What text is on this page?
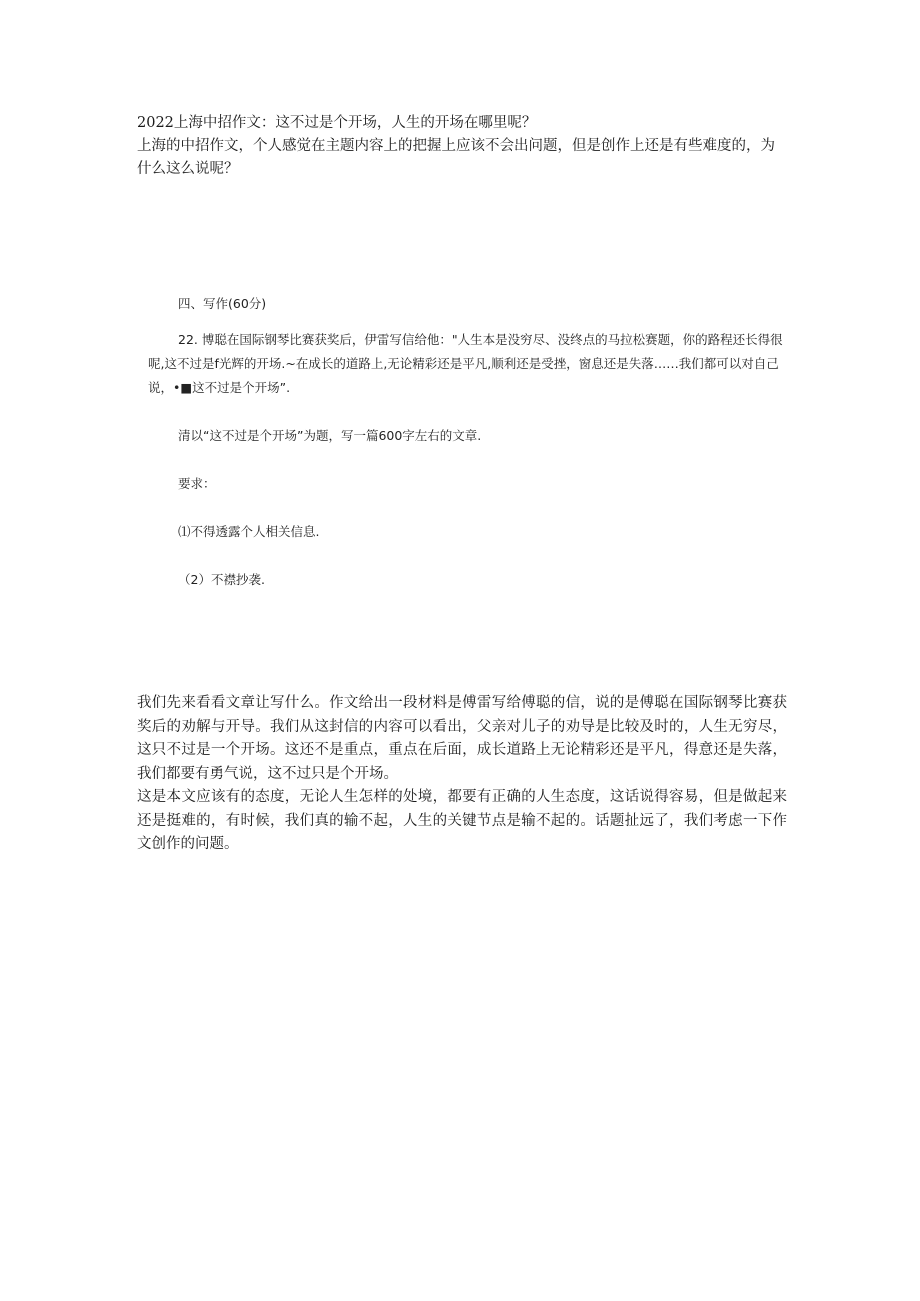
2022上海中招作文：这不过是个开场，人生的开场在哪里呢？

上海的中招作文，个人感觉在主题内容上的把握上应该不会出问题，但是创作上还是有些难度的，为什么这么说呢？

四、写作(60分)
22. 博聪在国际钢琴比赛获奖后，伊雷写信给他："人生本是没穷尽、没终点的马拉松赛题，你的路程还长得很
呢,这不过是f光辉的开场.~在成长的道路上,无论精彩还是平凡,顺利还是受挫，窗息还是失落……我们都可以对自己
说，•■这不过是个开场”.
清以“这不过是个开场”为题，写一篇600字左右的文章.
要求：
⑴不得透露个人相关信息.
（2）不襟抄袭.

我们先来看看文章让写什么。作文给出一段材料是傅雷写给傅聪的信，说的是傅聪在国际钢琴比赛获奖后的劝解与开导。我们从这封信的内容可以看出，父亲对儿子的劝导是比较及时的，人生无穷尽，这只不过是一个开场。这还不是重点，重点在后面，成长道路上无论精彩还是平凡，得意还是失落，我们都要有勇气说，这不过只是个开场。

这是本文应该有的态度，无论人生怎样的处境，都要有正确的人生态度，这话说得容易，但是做起来还是挺难的，有时候，我们真的输不起，人生的关键节点是输不起的。话题扯远了，我们考虑一下作文创作的问题。
